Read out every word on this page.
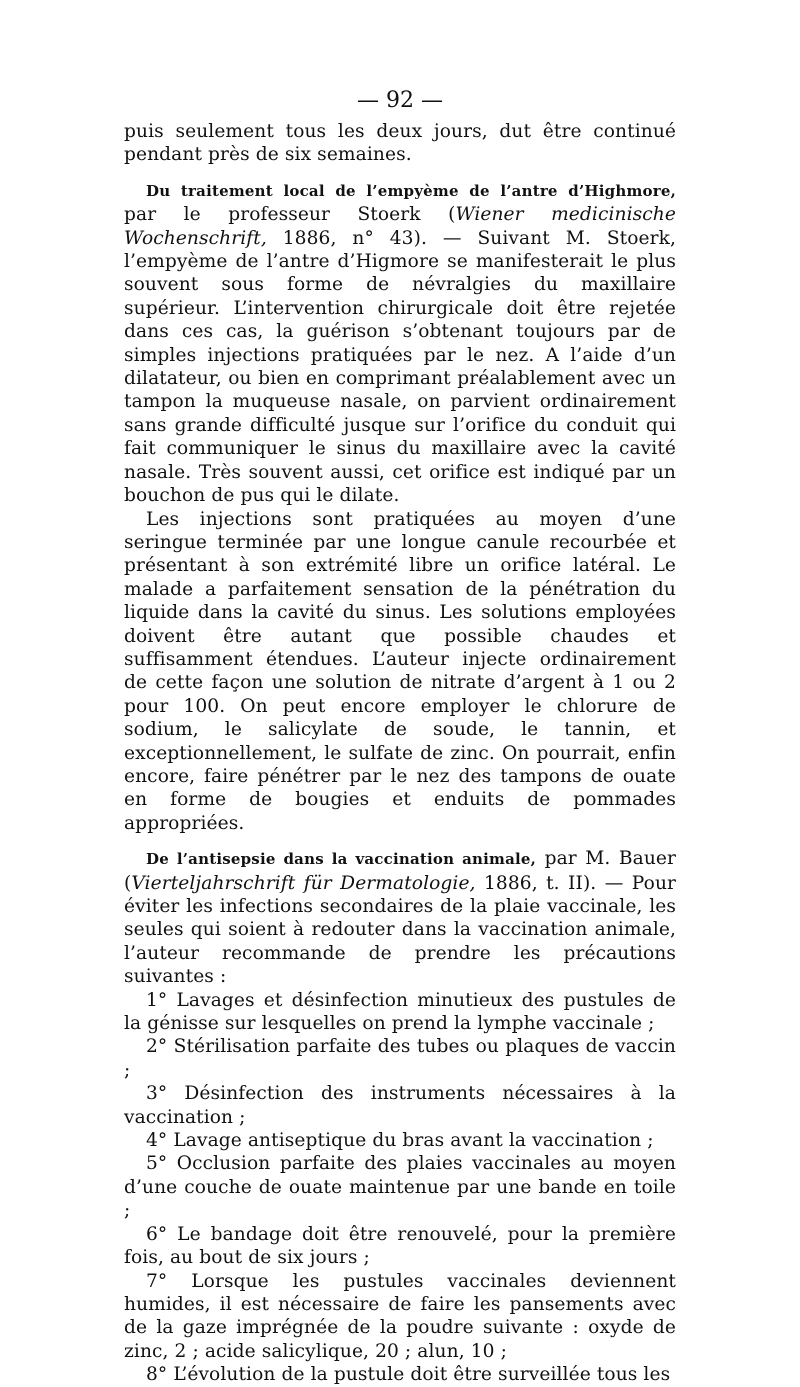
— 92 —

puis seulement tous les deux jours, dut être continué pendant près de six semaines.

Du traitement local de l’empyème de l’antre d’Highmore, par le professeur Stoerk (Wiener medicinische Wochenschrift, 1886, n° 43). — Suivant M. Stoerk, l’empyème de l’antre d’Higmore se manifesterait le plus souvent sous forme de névralgies du maxillaire supérieur. L’intervention chirurgicale doit être rejetée dans ces cas, la guérison s’obtenant toujours par de simples injections pratiquées par le nez. A l’aide d’un dilatateur, ou bien en comprimant préalablement avec un tampon la muqueuse nasale, on parvient ordinairement sans grande difficulté jusque sur l’orifice du conduit qui fait communiquer le sinus du maxillaire avec la cavité nasale. Très souvent aussi, cet orifice est indiqué par un bouchon de pus qui le dilate.

Les injections sont pratiquées au moyen d’une seringue terminée par une longue canule recourbée et présentant à son extrémité libre un orifice latéral. Le malade a parfaitement sensation de la pénétration du liquide dans la cavité du sinus. Les solutions employées doivent être autant que possible chaudes et suffisamment étendues. L’auteur injecte ordinairement de cette façon une solution de nitrate d’argent à 1 ou 2 pour 100. On peut encore employer le chlorure de sodium, le salicylate de soude, le tannin, et exceptionnellement, le sulfate de zinc. On pourrait, enfin encore, faire pénétrer par le nez des tampons de ouate en forme de bougies et enduits de pommades appropriées.

De l’antisepsie dans la vaccination animale, par M. Bauer (Vierteljahrschrift für Dermatologie, 1886, t. II). — Pour éviter les infections secondaires de la plaie vaccinale, les seules qui soient à redouter dans la vaccination animale, l’auteur recommande de prendre les précautions suivantes :

1° Lavages et désinfection minutieux des pustules de la génisse sur lesquelles on prend la lymphe vaccinale ;

2° Stérilisation parfaite des tubes ou plaques de vaccin ;

3° Désinfection des instruments nécessaires à la vaccination ;

4° Lavage antiseptique du bras avant la vaccination ;

5° Occlusion parfaite des plaies vaccinales au moyen d’une couche de ouate maintenue par une bande en toile ;

6° Le bandage doit être renouvelé, pour la première fois, au bout de six jours ;

7° Lorsque les pustules vaccinales deviennent humides, il est nécessaire de faire les pansements avec de la gaze imprégnée de la poudre suivante : oxyde de zinc, 2 ; acide salicylique, 20 ; alun, 10 ;

8° L’évolution de la pustule doit être surveillée tous les
